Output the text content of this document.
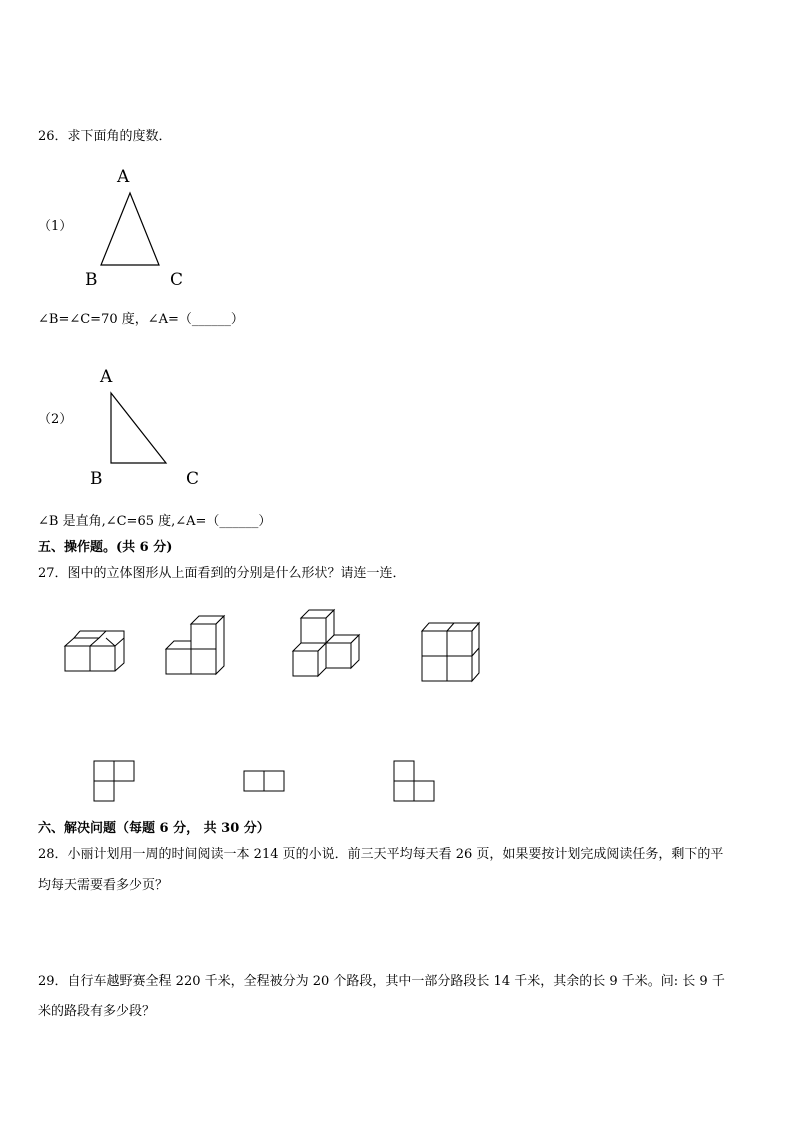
26．求下面角的度数．
A
B	C
A
B	C
（1）
∠B=∠C=70 度，∠A=（______）
（2）
∠B 是直角,∠C=65 度,∠A=（______）
五、操作题。(共 6 分)
27．图中的立体图形从上面看到的分别是什么形状？请连一连．
六、解决问题（每题 6 分， 共 30 分）
28．小丽计划用一周的时间阅读一本 214 页的小说．前三天平均每天看 26 页，如果要按计划完成阅读任务，剩下的平
均每天需要看多少页？
29．自行车越野赛全程 220 千米，全程被分为 20 个路段，其中一部分路段长 14 千米，其余的长 9 千米。问: 长 9 千
米的路段有多少段？
